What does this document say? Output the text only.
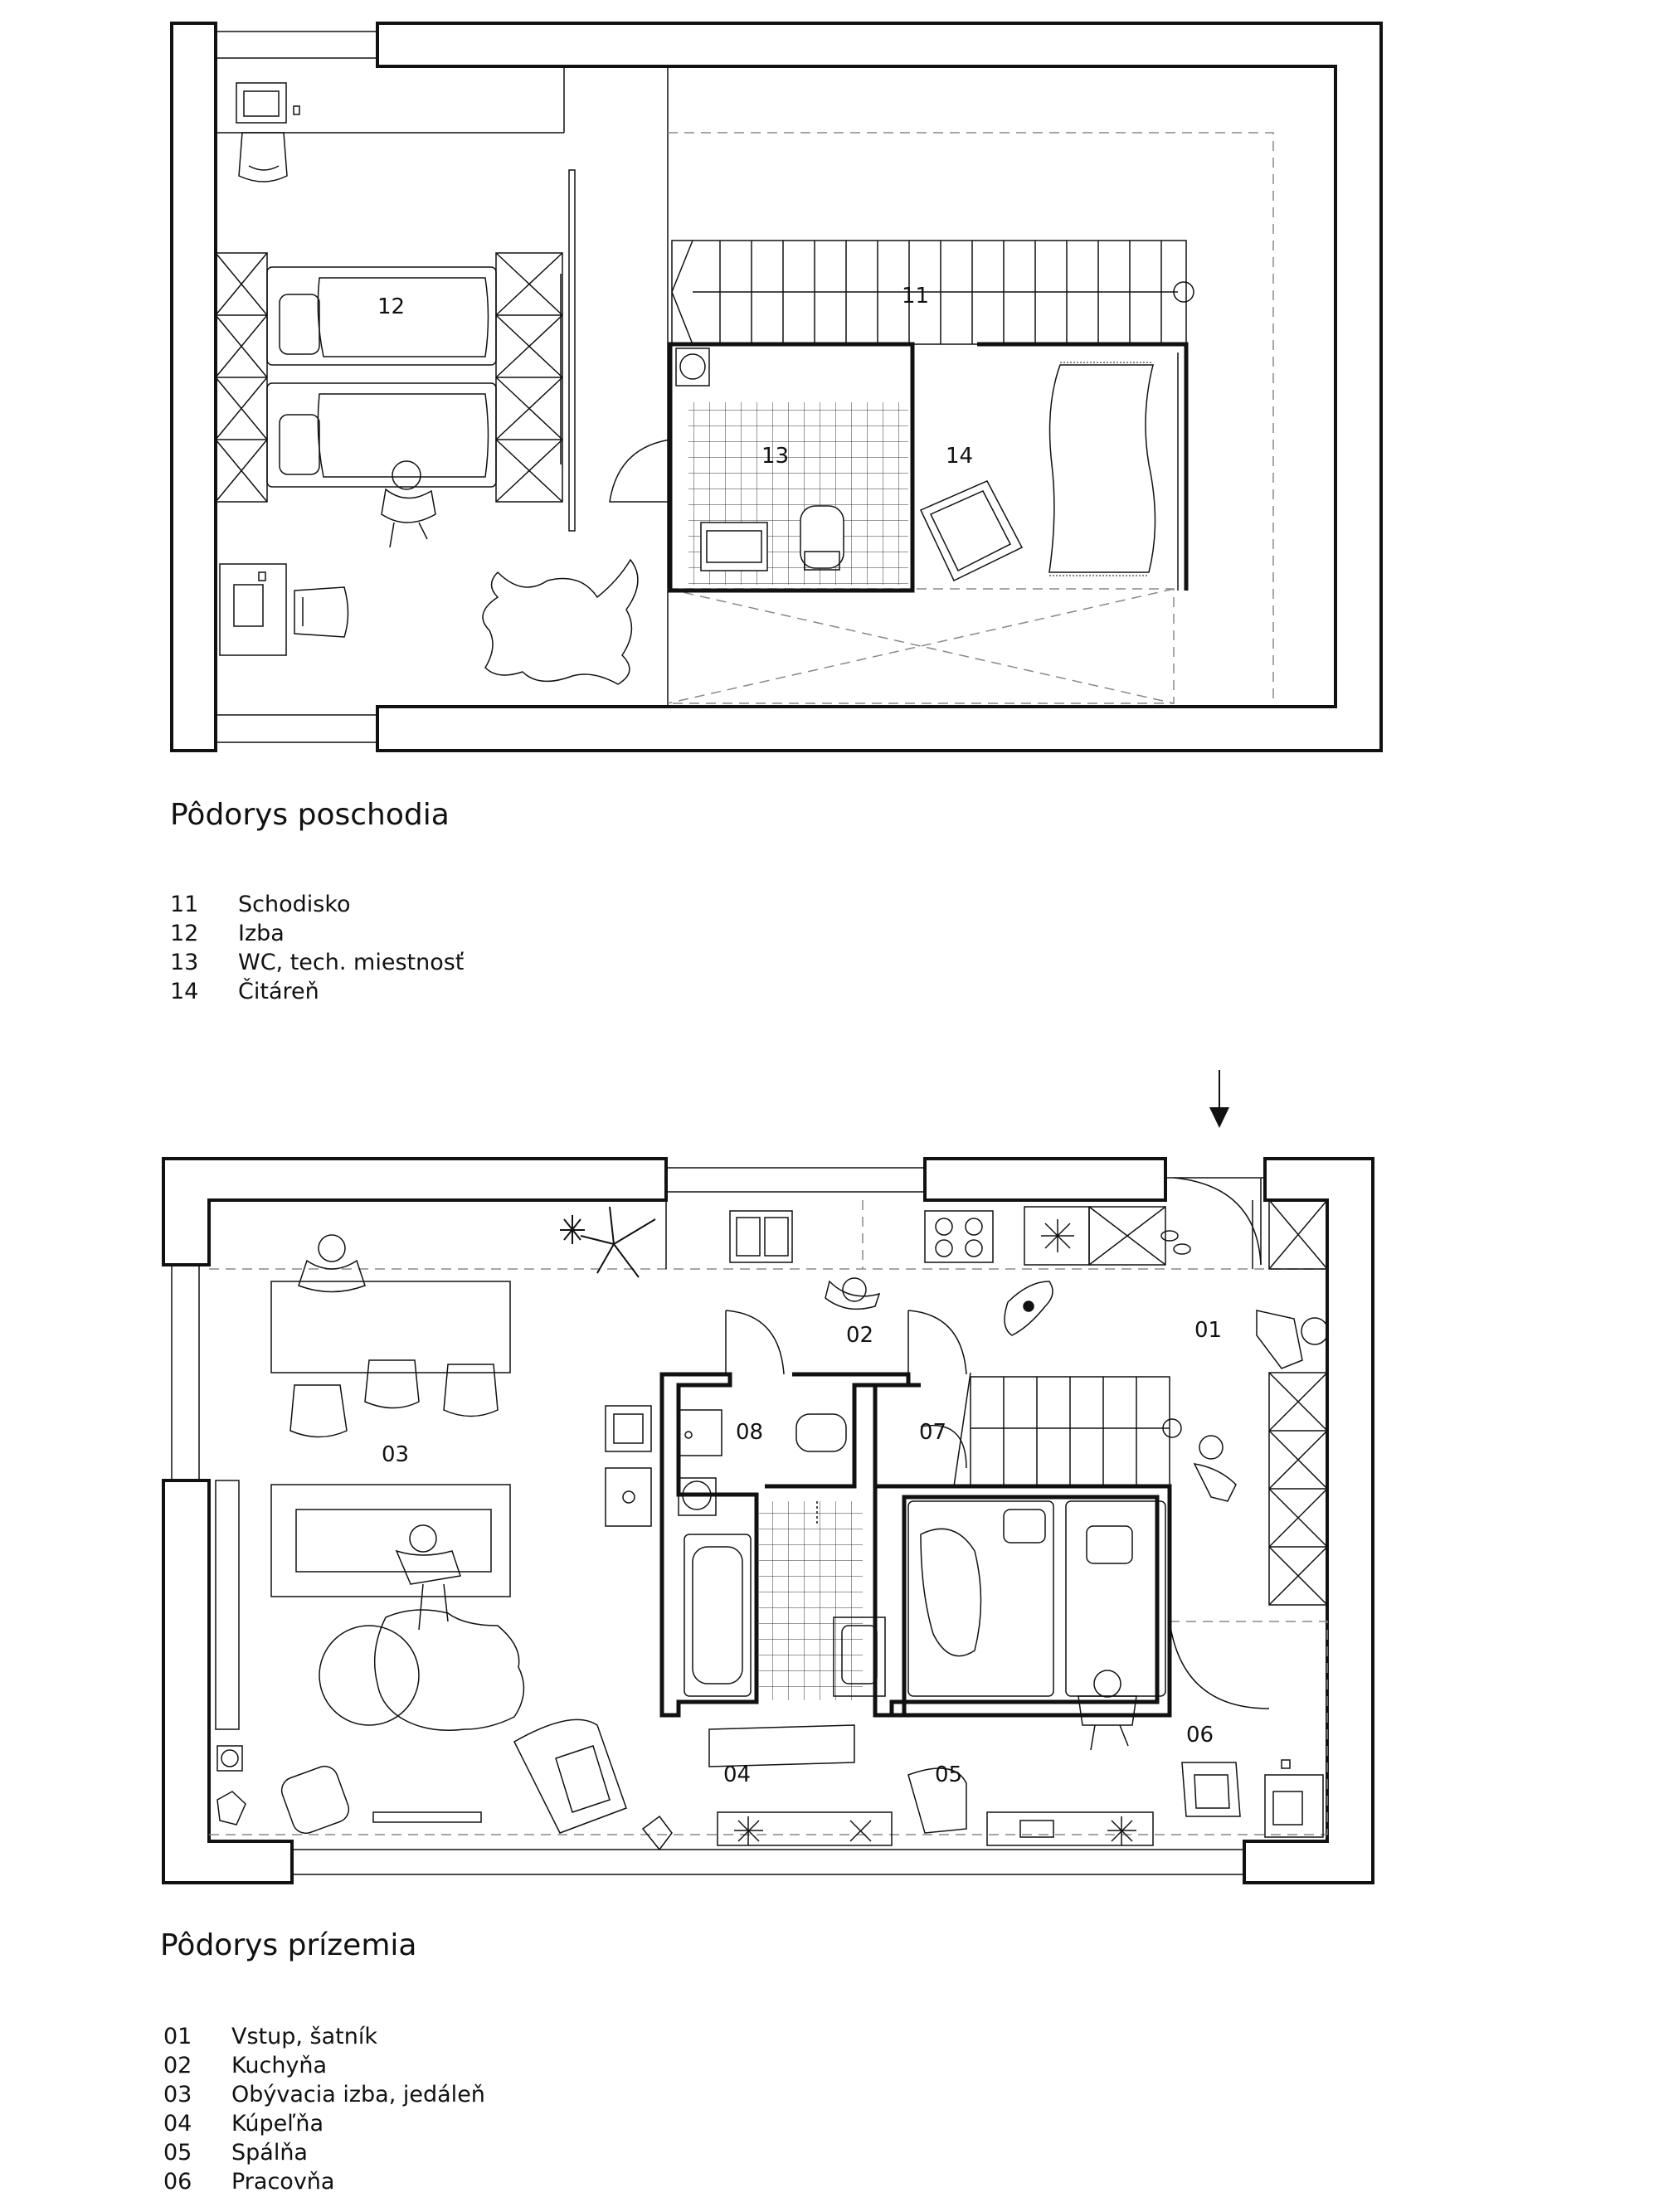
12	11
13	14
01
02
03
04	05
06
07
08
Pôdorys poschodia
Pôdorys prízemia
11	Schodisko
12	Izba
13	WC, tech. miestnosť
14	Čitáreň
01	Vstup, šatník
02	Kuchyňa
03	Obývacia izba, jedáleň
04	Kúpeľňa
05	Spálňa
06	Pracovňa
